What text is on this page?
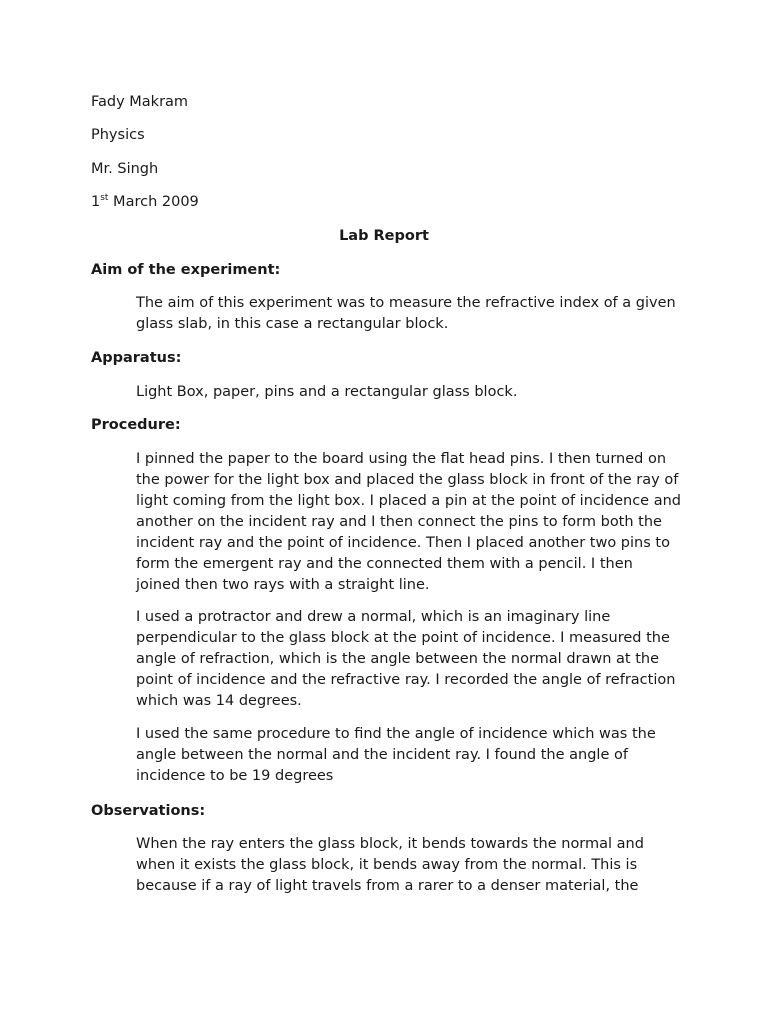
Fady Makram
Physics
Mr. Singh
1st March 2009
Lab Report
Aim of the experiment:

The aim of this experiment was to measure the refractive index of a given glass slab, in this case a rectangular block.

Apparatus:

Light Box, paper, pins and a rectangular glass block.

Procedure:

I pinned the paper to the board using the flat head pins. I then turned on the power for the light box and placed the glass block in front of the ray of light coming from the light box. I placed a pin at the point of incidence and another on the incident ray and I then connect the pins to form both the incident ray and the point of incidence. Then I placed another two pins to form the emergent ray and the connected them with a pencil. I then joined then two rays with a straight line.

I used a protractor and drew a normal, which is an imaginary line perpendicular to the glass block at the point of incidence. I measured the angle of refraction, which is the angle between the normal drawn at the point of incidence and the refractive ray. I recorded the angle of refraction which was 14 degrees.

I used the same procedure to find the angle of incidence which was the angle between the normal and the incident ray. I found the angle of incidence to be 19 degrees

Observations:

When the ray enters the glass block, it bends towards the normal and when it exists the glass block, it bends away from the normal. This is because if a ray of light travels from a rarer to a denser material, the
